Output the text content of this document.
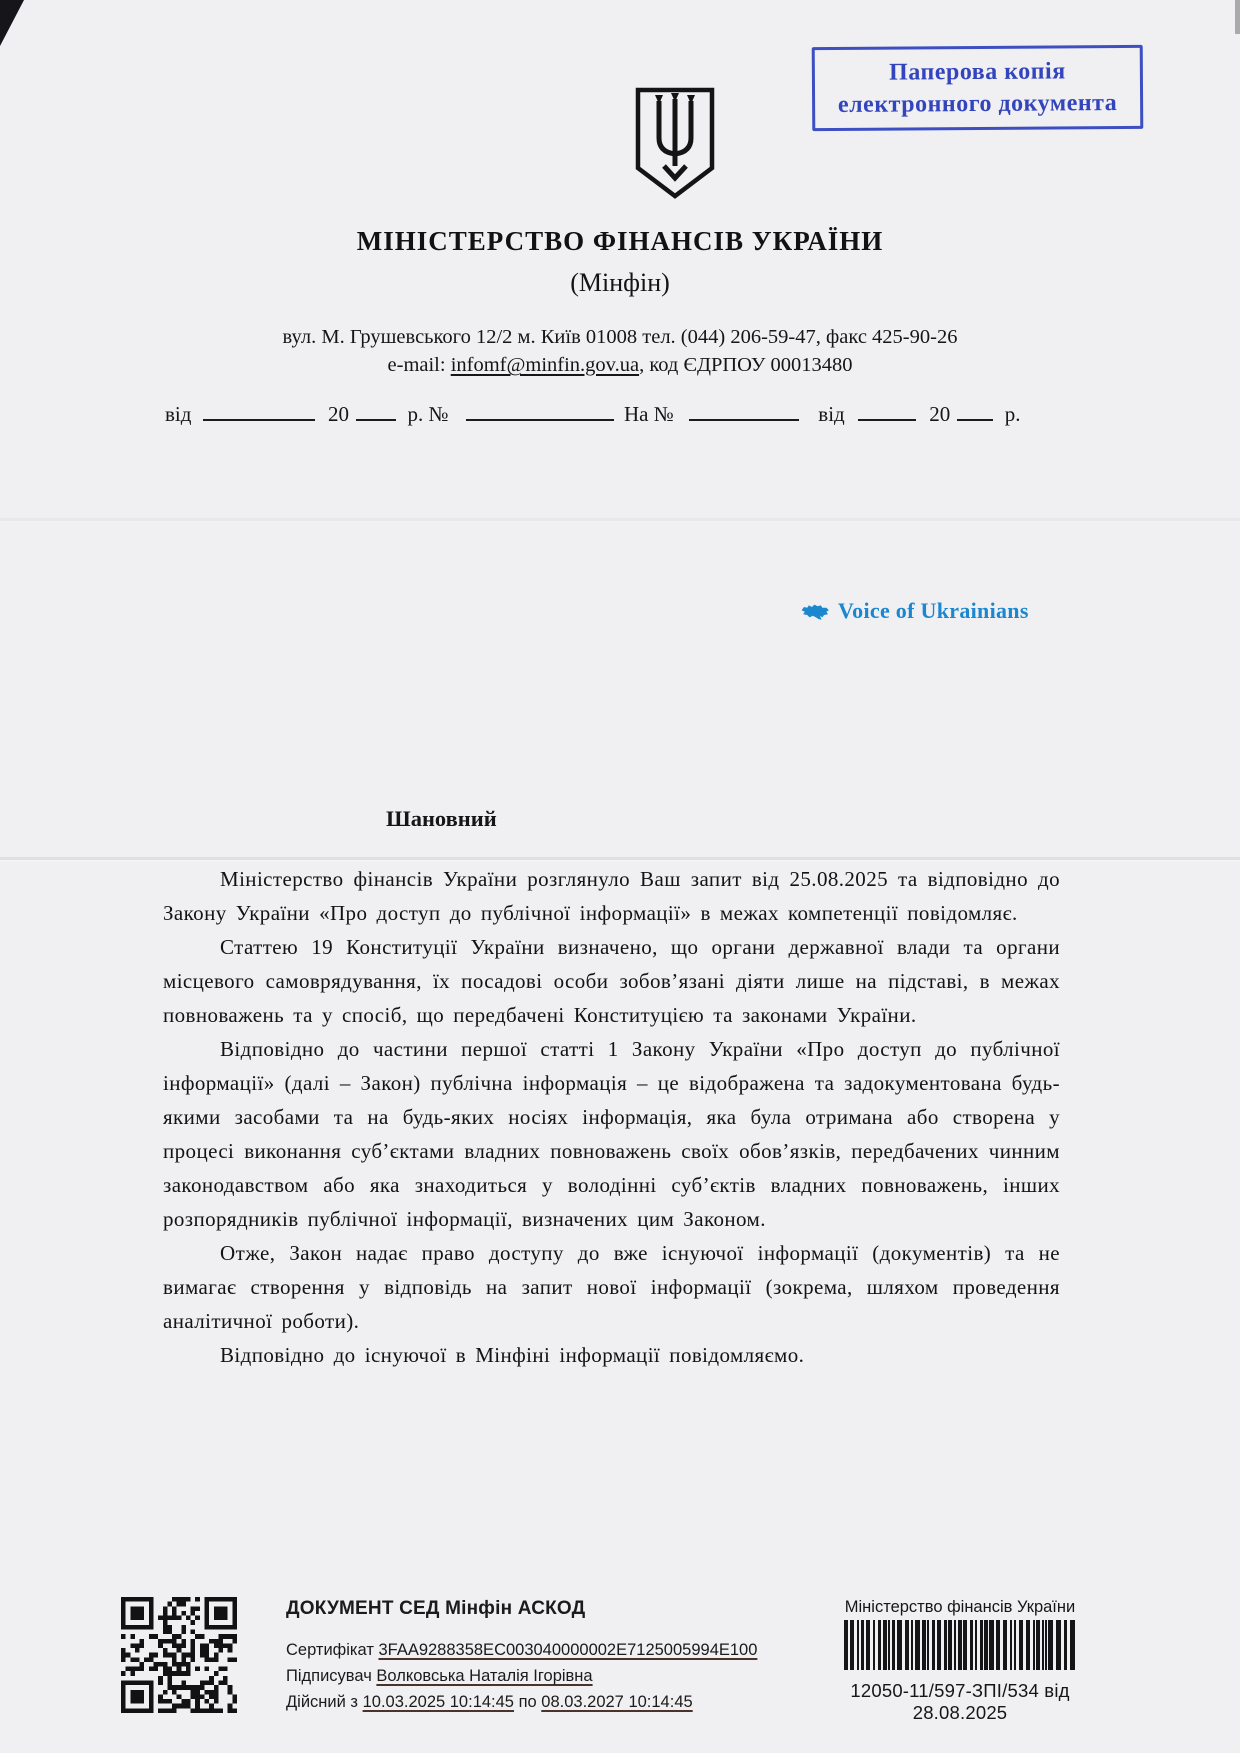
Паперова копія
електронного документа
МІНІСТЕРСТВО ФІНАНСІВ УКРАЇНИ
(Мінфін)
вул. М. Грушевського 12/2 м. Київ 01008 тел. (044) 206-59-47, факс 425-90-26
e-mail: infomf@minfin.gov.ua, код ЄДРПОУ 00013480
від	20	р. №	На №	від	20	р.
Voice of Ukrainians
Шановний

Міністерство фінансів України розглянуло Ваш запит від 25.08.2025 та відповідно до Закону України «Про доступ до публічної інформації» в межах компетенції повідомляє.

Статтею 19 Конституції України визначено, що органи державної влади та органи місцевого самоврядування, їх посадові особи зобов’язані діяти лише на підставі, в межах повноважень та у спосіб, що передбачені Конституцією та законами України.

Відповідно до частини першої статті 1 Закону України «Про доступ до публічної інформації» (далі – Закон) публічна інформація – це відображена та задокументована будь-якими засобами та на будь-яких носіях інформація, яка була отримана або створена у процесі виконання суб’єктами владних повноважень своїх обов’язків, передбачених чинним законодавством або яка знаходиться у володінні суб’єктів владних повноважень, інших розпорядників публічної інформації, визначених цим Законом.

Отже, Закон надає право доступу до вже існуючої інформації (документів) та не вимагає створення у відповідь на запит нової інформації (зокрема, шляхом проведення аналітичної роботи).

Відповідно до існуючої в Мінфіні інформації повідомляємо.

ДОКУМЕНТ СЕД Мінфін АСКОД
Сертифікат 3FAA9288358EC003040000002E7125005994E100
Підписувач Волковська Наталія Ігорівна
Дійсний з 10.03.2025 10:14:45 по 08.03.2027 10:14:45
Міністерство фінансів України
12050-11/597-ЗПІ/534 від 28.08.2025
